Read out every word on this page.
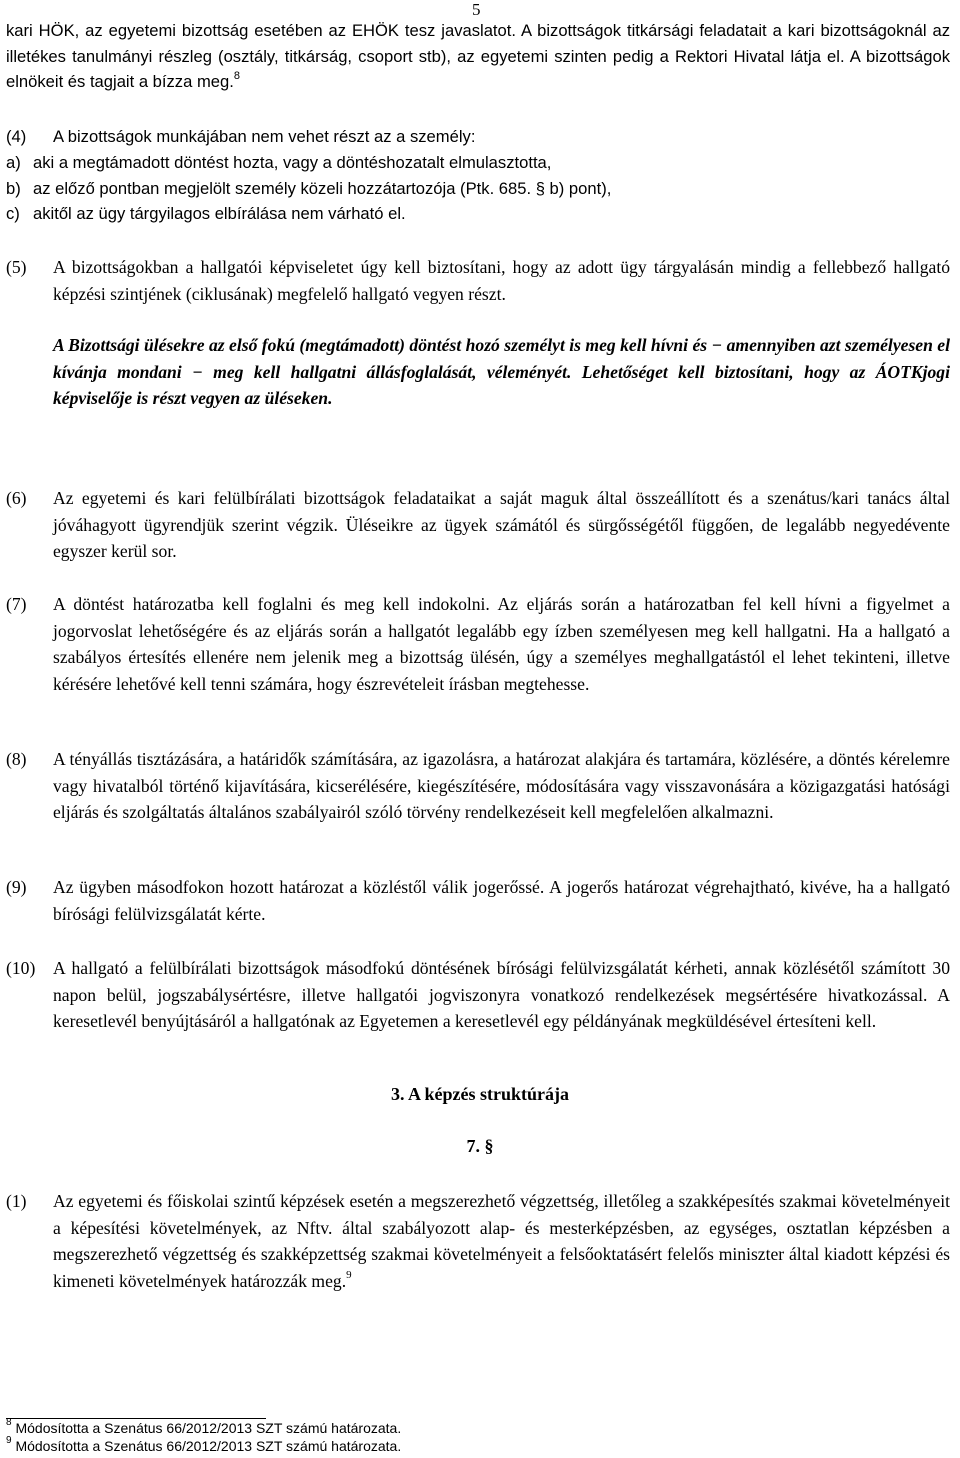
5
kari HÖK, az egyetemi bizottság esetében az EHÖK tesz javaslatot. A bizottságok titkársági feladatait a kari bizottságoknál az illetékes tanulmányi részleg (osztály, titkárság, csoport stb), az egyetemi szinten pedig a Rektori Hivatal látja el. A bizottságok elnökeit és tagjait a bízza meg.$^8$
(4)	A bizottságok munkájában nem vehet részt az a személy:
a) aki a megtámadott döntést hozta, vagy a döntéshozatalt elmulasztotta,
b) az előző pontban megjelölt személy közeli hozzátartozója (Ptk. 685. § b) pont),
c) akitől az ügy tárgyilagos elbírálása nem várható el.
(5)	A bizottságokban a hallgatói képviseletet úgy kell biztosítani, hogy az adott ügy tárgyalásán mindig a fellebbező hallgató képzési szintjének (ciklusának) megfelelő hallgató vegyen részt.
A Bizottsági ülésekre az első fokú (megtámadott) döntést hozó személyt is meg kell hívni és − amennyiben azt személyesen el kívánja mondani − meg kell hallgatni állásfoglalását, véleményét. Lehetőséget kell biztosítani, hogy az ÁOTKjogi képviselője is részt vegyen az üléseken.
(6)	Az egyetemi és kari felülbírálati bizottságok feladataikat a saját maguk által összeállított és a szenátus/kari tanács által jóváhagyott ügyrendjük szerint végzik. Üléseikre az ügyek számától és sürgősségétől függően, de legalább negyedévente egyszer kerül sor.
(7)	A döntést határozatba kell foglalni és meg kell indokolni. Az eljárás során a határozatban fel kell hívni a figyelmet a jogorvoslat lehetőségére és az eljárás során a hallgatót legalább egy ízben személyesen meg kell hallgatni. Ha a hallgató a szabályos értesítés ellenére nem jelenik meg a bizottság ülésén, úgy a személyes meghallgatástól el lehet tekinteni, illetve kérésére lehetővé kell tenni számára, hogy észrevételeit írásban megtehesse.
(8)	A tényállás tisztázására, a határidők számítására, az igazolásra, a határozat alakjára és tartamára, közlésére, a döntés kérelemre vagy hivatalból történő kijavítására, kicserélésére, kiegészítésére, módosítására vagy visszavonására a közigazgatási hatósági eljárás és szolgáltatás általános szabályairól szóló törvény rendelkezéseit kell megfelelően alkalmazni.
(9)	Az ügyben másodfokon hozott határozat a közléstől válik jogerőssé. A jogerős határozat végrehajtható, kivéve, ha a hallgató bírósági felülvizsgálatát kérte.
(10)	A hallgató a felülbírálati bizottságok másodfokú döntésének bírósági felülvizsgálatát kérheti, annak közlésétől számított 30 napon belül, jogszabálysértésre, illetve hallgatói jogviszonyra vonatkozó rendelkezések megsértésére hivatkozással. A keresetlevél benyújtásáról a hallgatónak az Egyetemen a keresetlevél egy példányának megküldésével értesíteni kell.
3. A képzés struktúrája
7. §
(1)	Az egyetemi és főiskolai szintű képzések esetén a megszerezhető végzettség, illetőleg a szakképesítés szakmai követelményeit a képesítési követelmények, az Nftv. által szabályozott alap- és mesterképzésben, az egységes, osztatlan képzésben a megszerezhető végzettség és szakképzettség szakmai követelményeit a felsőoktatásért felelős miniszter által kiadott képzési és kimeneti követelmények határozzák meg.$^9$
$^8$ Módosította a Szenátus 66/2012/2013 SZT számú határozata.
$^9$ Módosította a Szenátus 66/2012/2013 SZT számú határozata.
